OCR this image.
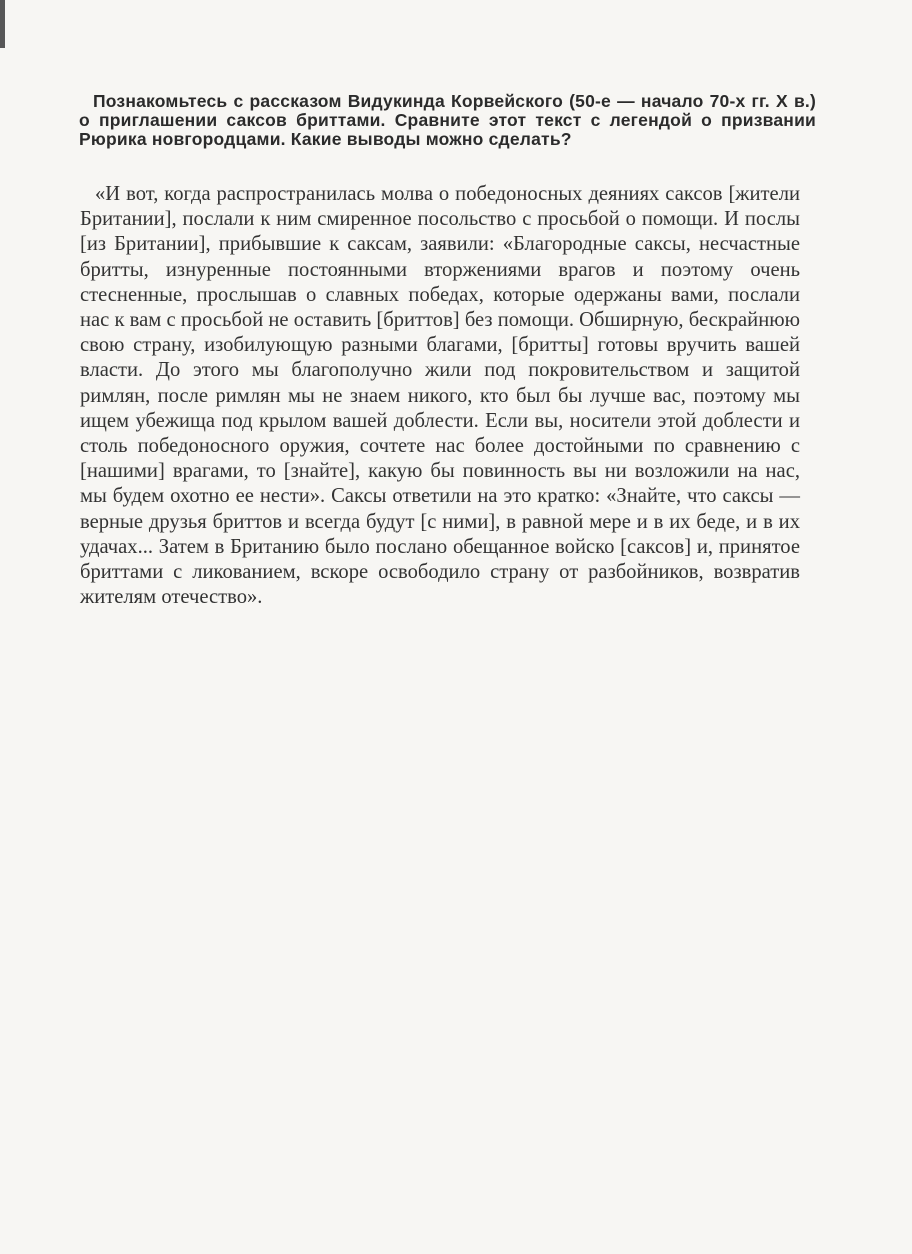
Познакомьтесь с рассказом Видукинда Корвейского (50-е — начало 70-х гг. X в.) о приглашении саксов бриттами. Сравните этот текст с легендой о призвании Рюрика новгородцами. Какие выводы можно сделать?

«И вот, когда распространилась молва о победоносных деяниях саксов [жители Британии], послали к ним смиренное посольство с просьбой о помощи. И послы [из Британии], прибывшие к саксам, заявили: «Благородные саксы, несчастные бритты, изнуренные постоянными вторжениями врагов и поэтому очень стесненные, прослышав о славных победах, которые одержаны вами, послали нас к вам с просьбой не оставить [бриттов] без помощи. Обширную, бескрайнюю свою страну, изобилующую разными благами, [бритты] готовы вручить вашей власти. До этого мы благополучно жили под покровительством и защитой римлян, после римлян мы не знаем никого, кто был бы лучше вас, поэтому мы ищем убежища под крылом вашей доблести. Если вы, носители этой доблести и столь победоносного оружия, сочтете нас более достойными по сравнению с [нашими] врагами, то [знайте], какую бы повинность вы ни возложили на нас, мы будем охотно ее нести». Саксы ответили на это кратко: «Знайте, что саксы — верные друзья бриттов и всегда будут [с ними], в равной мере и в их беде, и в их удачах... Затем в Британию было послано обещанное войско [саксов] и, принятое бриттами с ликованием, вскоре освободило страну от разбойников, возвратив жителям отечество».
